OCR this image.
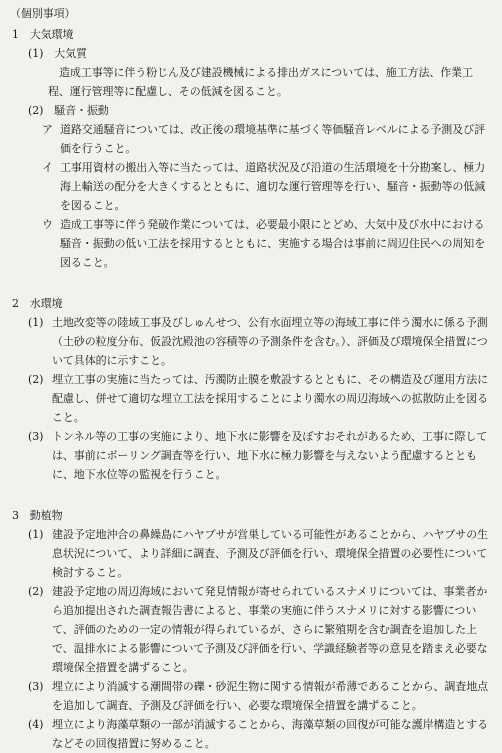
（個別事項）
1　大気環境
(1)　大気質
造成工事等に伴う粉じん及び建設機械による排出ガスについては、施工方法、作業工程、運行管理等に配慮し、その低減を図ること。
(2)　騒音・振動
ア 道路交通騒音については、改正後の環境基準に基づく等価騒音レベルによる予測及び評価を行うこと。
イ 工事用資材の搬出入等に当たっては、道路状況及び沿道の生活環境を十分勘案し、極力海上輸送の配分を大きくするとともに、適切な運行管理等を行い、騒音・振動等の低減を図ること。
ウ 造成工事等に伴う発破作業については、必要最小限にとどめ、大気中及び水中における騒音・振動の低い工法を採用するとともに、実施する場合は事前に周辺住民への周知を図ること。
2　水環境
(1) 土地改変等の陸域工事及びしゅんせつ、公有水面埋立等の海域工事に伴う濁水に係る予測（土砂の粒度分布、仮設沈殿池の容積等の予測条件を含む。）、評価及び環境保全措置について具体的に示すこと。
(2) 埋立工事の実施に当たっては、汚濁防止膜を敷設するとともに、その構造及び運用方法に配慮し、併せて適切な埋立工法を採用することにより濁水の周辺海域への拡散防止を図ること。
(3) トンネル等の工事の実施により、地下水に影響を及ぼすおそれがあるため、工事に際しては、事前にボーリング調査等を行い、地下水に極力影響を与えないよう配慮するとともに、地下水位等の監視を行うこと。
3　動植物
(1) 建設予定地沖合の鼻繰島にハヤブサが営巣している可能性があることから、ハヤブサの生息状況について、より詳細に調査、予測及び評価を行い、環境保全措置の必要性について検討すること。
(2) 建設予定地の周辺海域において発見情報が寄せられているスナメリについては、事業者から追加提出された調査報告書によると、事業の実施に伴うスナメリに対する影響について、評価のための一定の情報が得られているが、さらに繁殖期を含む調査を追加した上で、温排水による影響について予測及び評価を行い、学識経験者等の意見を踏まえ必要な環境保全措置を講ずること。
(3) 埋立により消滅する潮間帯の礫・砂泥生物に関する情報が希薄であることから、調査地点を追加して調査、予測及び評価を行い、必要な環境保全措置を講ずること。
(4) 埋立により海藻草類の一部が消滅することから、海藻草類の回復が可能な護岸構造とするなどその回復措置に努めること。
